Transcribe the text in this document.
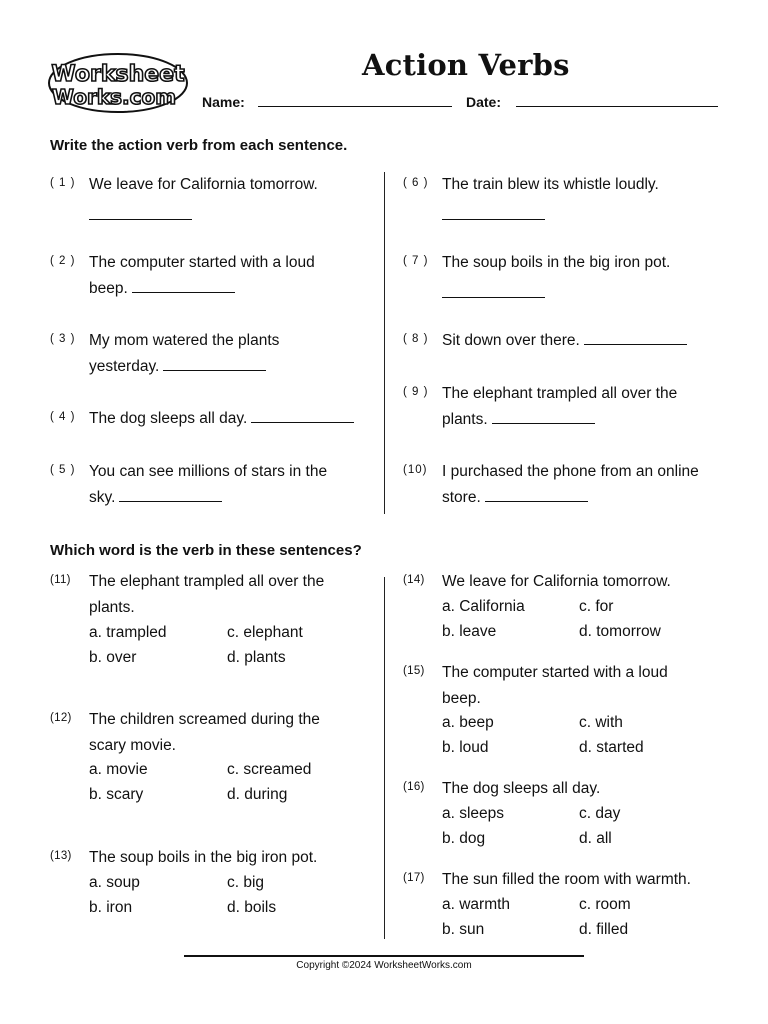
Worksheet
Works.com
Action Verbs
Name:	Date:
Write the action verb from each sentence.
( 1 ) We leave for California tomorrow.
( 2 ) The computer started with a loud beep.
( 3 ) My mom watered the plants yesterday.
( 4 ) The dog sleeps all day.
( 5 ) You can see millions of stars in the sky.
( 6 ) The train blew its whistle loudly.
( 7 ) The soup boils in the big iron pot.
( 8 ) Sit down over there.
( 9 ) The elephant trampled all over the plants.
(10) I purchased the phone from an online store.
Which word is the verb in these sentences?
(11) The elephant trampled all over the plants.
a. trampled	c. elephant
b. over	d. plants
(12) The children screamed during the scary movie.
a. movie	c. screamed
b. scary	d. during
(13) The soup boils in the big iron pot.
a. soup	c. big
b. iron	d. boils
(14) We leave for California tomorrow.
a. California	c. for
b. leave	d. tomorrow
(15) The computer started with a loud beep.
a. beep	c. with
b. loud	d. started
(16) The dog sleeps all day.
a. sleeps	c. day
b. dog	d. all
(17) The sun filled the room with warmth.
a. warmth	c. room
b. sun	d. filled
Copyright ©2024 WorksheetWorks.com
